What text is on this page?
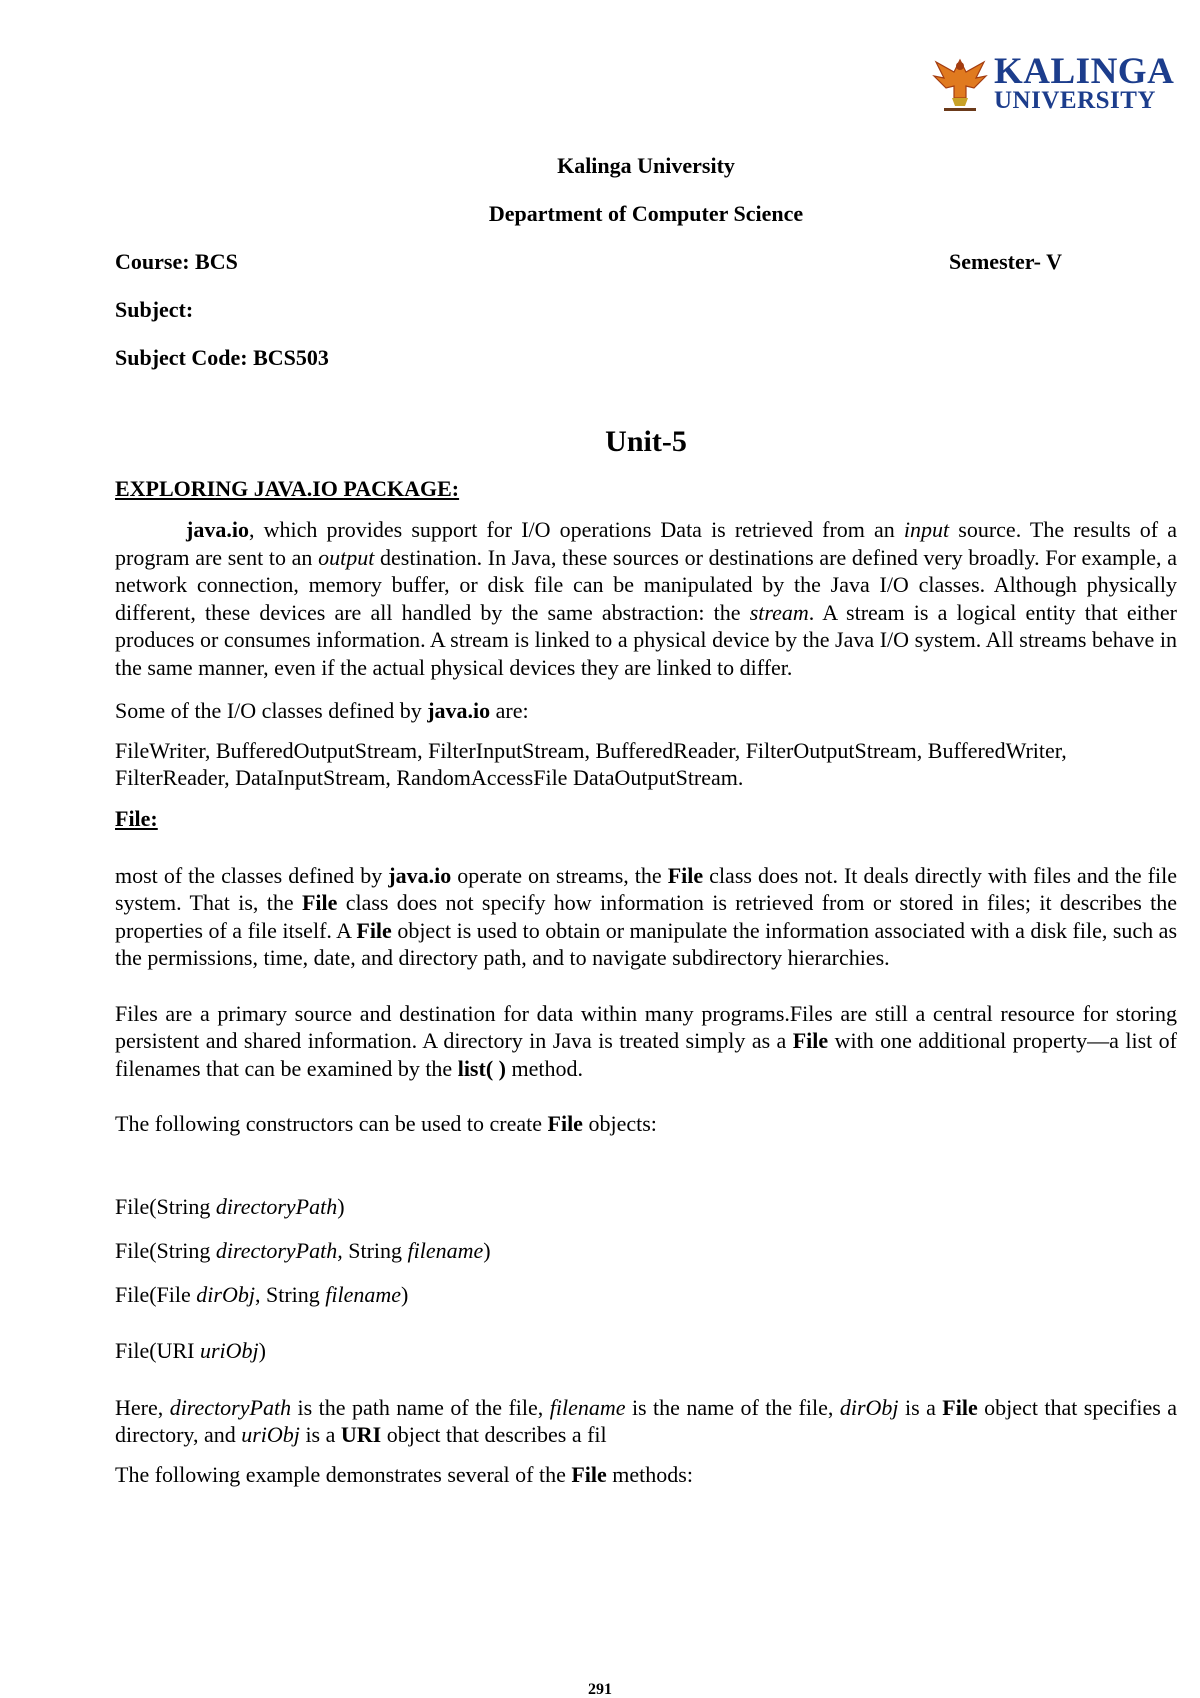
KALINGA
UNIVERSITY
Kalinga University
Department of Computer Science
Course: BCS	Semester- V
Subject:
Subject Code: BCS503
Unit-5
EXPLORING JAVA.IO PACKAGE:

java.io, which provides support for I/O operations Data is retrieved from an input source. The results of a program are sent to an output destination. In Java, these sources or destinations are defined very broadly. For example, a network connection, memory buffer, or disk file can be manipulated by the Java I/O classes. Although physically different, these devices are all handled by the same abstraction: the stream. A stream is a logical entity that either produces or consumes information. A stream is linked to a physical device by the Java I/O system. All streams behave in the same manner, even if the actual physical devices they are linked to differ.

Some of the I/O classes defined by java.io are:

FileWriter, BufferedOutputStream, FilterInputStream, BufferedReader, FilterOutputStream, BufferedWriter, FilterReader, DataInputStream, RandomAccessFile DataOutputStream.

File:

most of the classes defined by java.io operate on streams, the File class does not. It deals directly with files and the file system. That is, the File class does not specify how information is retrieved from or stored in files; it describes the properties of a file itself. A File object is used to obtain or manipulate the information associated with a disk file, such as the permissions, time, date, and directory path, and to navigate subdirectory hierarchies.

Files are a primary source and destination for data within many programs.Files are still a central resource for storing persistent and shared information. A directory in Java is treated simply as a File with one additional property—a list of filenames that can be examined by the list( ) method.

The following constructors can be used to create File objects:

File(String directoryPath)
File(String directoryPath, String filename)
File(File dirObj, String filename)
File(URI uriObj)

Here, directoryPath is the path name of the file, filename is the name of the file, dirObj is a File object that specifies a directory, and uriObj is a URI object that describes a fil

The following example demonstrates several of the File methods:

291
